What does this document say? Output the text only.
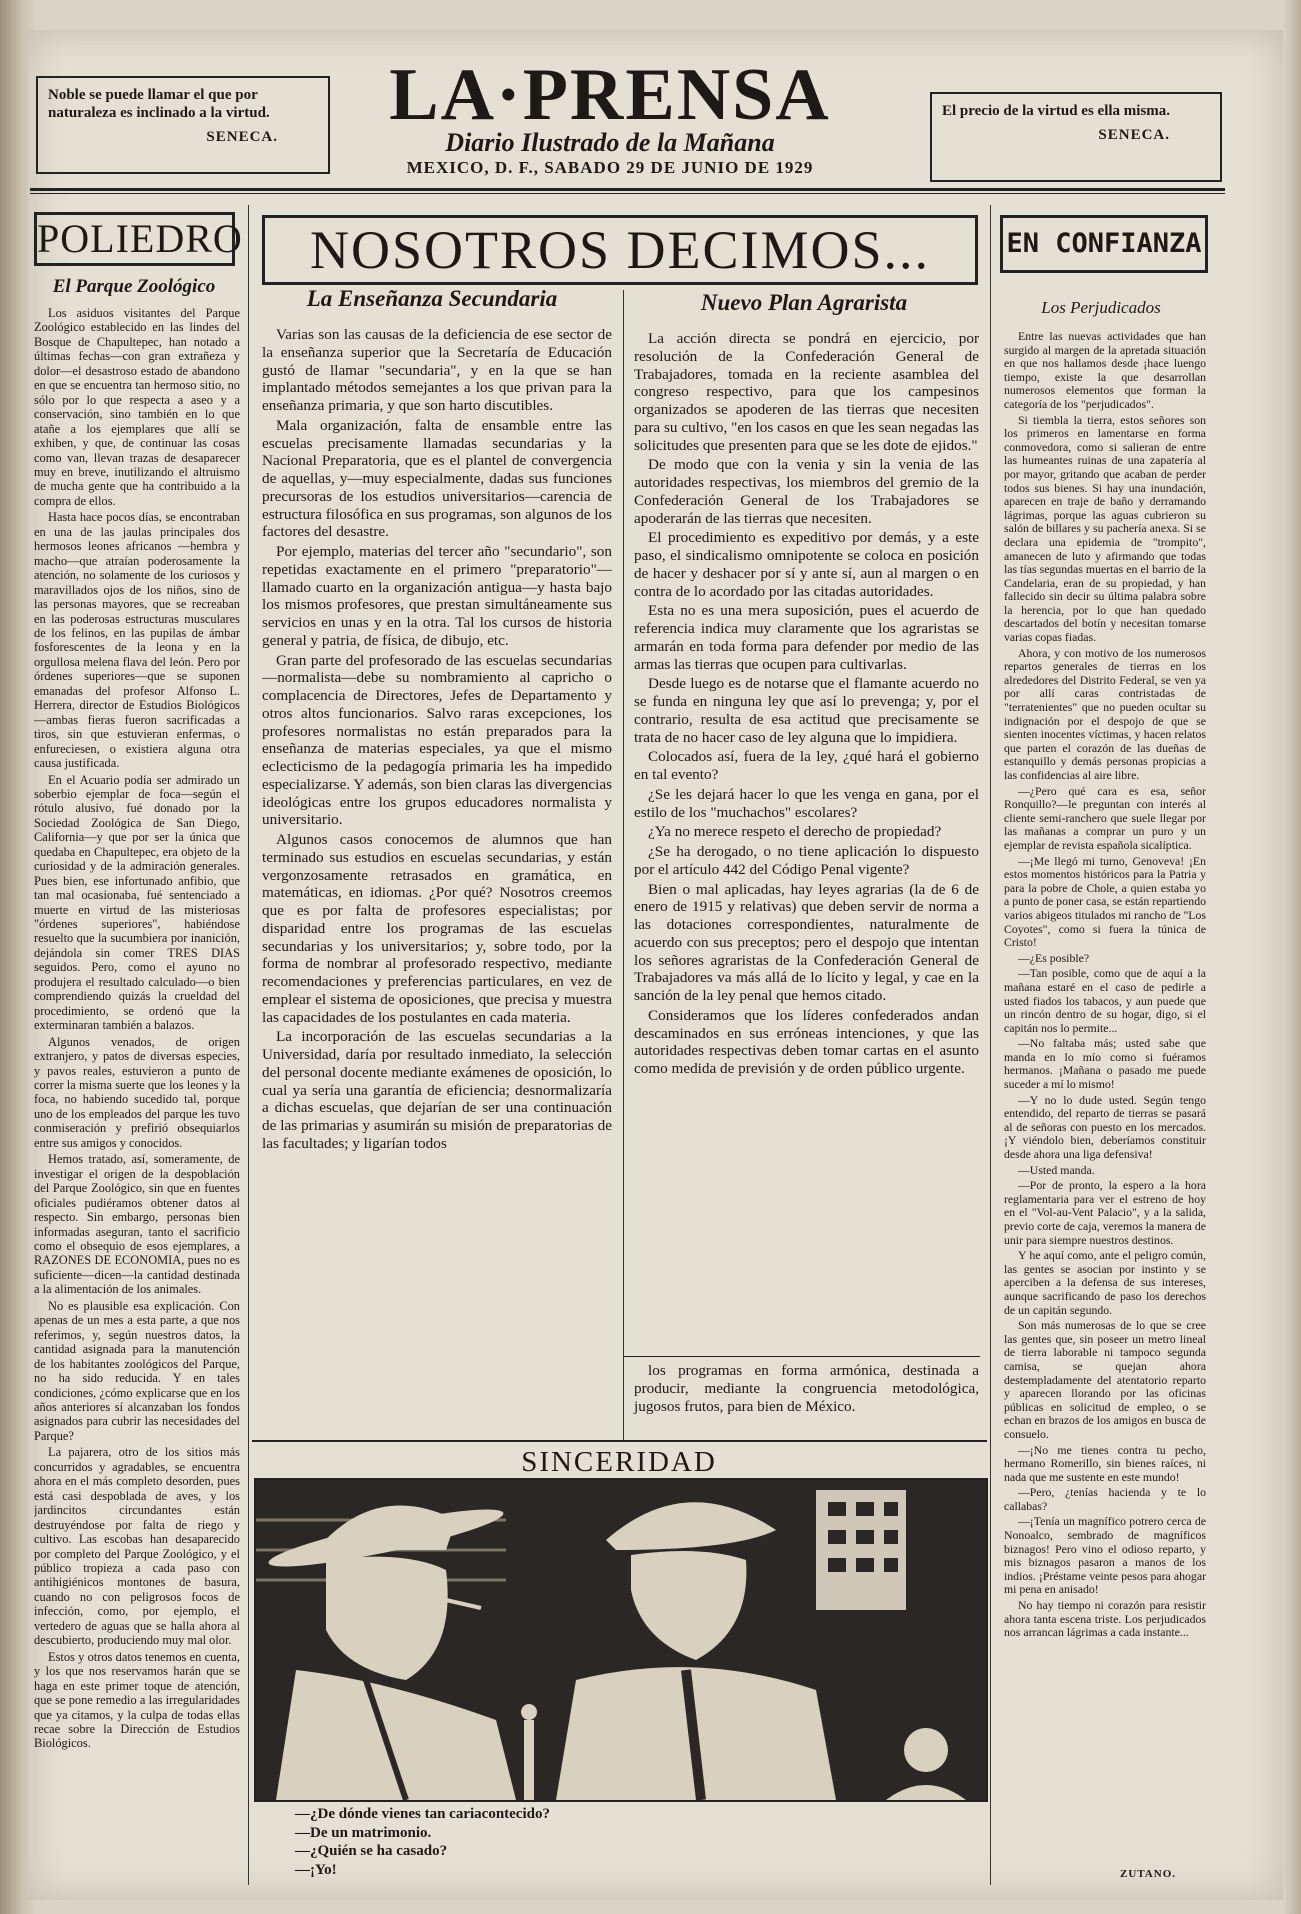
Noble se puede llamar el que por naturaleza es inclinado a la virtud.
SENECA.
El precio de la virtud es ella misma.
SENECA.
LA·PRENSA
Diario Ilustrado de la Mañana
MEXICO, D. F., SABADO 29 DE JUNIO DE 1929
POLIEDRO
El Parque Zoológico

Los asiduos visitantes del Parque Zoológico establecido en las lindes del Bosque de Chapultepec, han notado a últimas fechas—con gran extrañeza y dolor—el desastroso estado de abandono en que se encuentra tan hermoso sitio, no sólo por lo que respecta a aseo y a conservación, sino también en lo que atañe a los ejemplares que allí se exhiben, y que, de continuar las cosas como van, llevan trazas de desaparecer muy en breve, inutilizando el altruismo de mucha gente que ha contribuido a la compra de ellos.

Hasta hace pocos días, se encontraban en una de las jaulas principales dos hermosos leones africanos —hembra y macho—que atraían poderosamente la atención, no solamente de los curiosos y maravillados ojos de los niños, sino de las personas mayores, que se recreaban en las poderosas estructuras musculares de los felinos, en las pupilas de ámbar fosforescentes de la leona y en la orgullosa melena flava del león. Pero por órdenes superiores—que se suponen emanadas del profesor Alfonso L. Herrera, director de Estudios Biológicos—ambas fieras fueron sacrificadas a tiros, sin que estuvieran enfermas, o enfureciesen, o existiera alguna otra causa justificada.

En el Acuario podía ser admirado un soberbio ejemplar de foca—según el rótulo alusivo, fué donado por la Sociedad Zoológica de San Diego, California—y que por ser la única que quedaba en Chapultepec, era objeto de la curiosidad y de la admiración generales. Pues bien, ese infortunado anfibio, que tan mal ocasionaba, fué sentenciado a muerte en virtud de las misteriosas "órdenes superiores", habiéndose resuelto que la sucumbiera por inanición, dejándola sin comer TRES DIAS seguidos. Pero, como el ayuno no produjera el resultado calculado—o bien comprendiendo quizás la crueldad del procedimiento, se ordenó que la exterminaran también a balazos.

Algunos venados, de origen extranjero, y patos de diversas especies, y pavos reales, estuvieron a punto de correr la misma suerte que los leones y la foca, no habiendo sucedido tal, porque uno de los empleados del parque les tuvo conmiseración y prefirió obsequiarlos entre sus amigos y conocidos.

Hemos tratado, así, someramente, de investigar el origen de la despoblación del Parque Zoológico, sin que en fuentes oficiales pudiéramos obtener datos al respecto. Sin embargo, personas bien informadas aseguran, tanto el sacrificio como el obsequio de esos ejemplares, a RAZONES DE ECONOMIA, pues no es suficiente—dicen—la cantidad destinada a la alimentación de los animales.

No es plausible esa explicación. Con apenas de un mes a esta parte, a que nos referimos, y, según nuestros datos, la cantidad asignada para la manutención de los habitantes zoológicos del Parque, no ha sido reducida. Y en tales condiciones, ¿cómo explicarse que en los años anteriores sí alcanzaban los fondos asignados para cubrir las necesidades del Parque?

La pajarera, otro de los sitios más concurridos y agradables, se encuentra ahora en el más completo desorden, pues está casi despoblada de aves, y los jardincitos circundantes están destruyéndose por falta de riego y cultivo. Las escobas han desaparecido por completo del Parque Zoológico, y el público tropieza a cada paso con antihigiénicos montones de basura, cuando no con peligrosos focos de infección, como, por ejemplo, el vertedero de aguas que se halla ahora al descubierto, produciendo muy mal olor.

Estos y otros datos tenemos en cuenta, y los que nos reservamos harán que se haga en este primer toque de atención, que se pone remedio a las irregularidades que ya citamos, y la culpa de todas ellas recae sobre la Dirección de Estudios Biológicos.

NOSOTROS DECIMOS...
La Enseñanza Secundaria

Varias son las causas de la deficiencia de ese sector de la enseñanza superior que la Secretaría de Educación gustó de llamar "secundaria", y en la que se han implantado métodos semejantes a los que privan para la enseñanza primaria, y que son harto discutibles.

Mala organización, falta de ensamble entre las escuelas precisamente llamadas secundarias y la Nacional Preparatoria, que es el plantel de convergencia de aquellas, y—muy especialmente, dadas sus funciones precursoras de los estudios universitarios—carencia de estructura filosófica en sus programas, son algunos de los factores del desastre.

Por ejemplo, materias del tercer año "secundario", son repetidas exactamente en el primero "preparatorio"—llamado cuarto en la organización antigua—y hasta bajo los mismos profesores, que prestan simultáneamente sus servicios en unas y en la otra. Tal los cursos de historia general y patria, de física, de dibujo, etc.

Gran parte del profesorado de las escuelas secundarias—normalista—debe su nombramiento al capricho o complacencia de Directores, Jefes de Departamento y otros altos funcionarios. Salvo raras excepciones, los profesores normalistas no están preparados para la enseñanza de materias especiales, ya que el mismo eclecticismo de la pedagogía primaria les ha impedido especializarse. Y además, son bien claras las divergencias ideológicas entre los grupos educadores normalista y universitario.

Algunos casos conocemos de alumnos que han terminado sus estudios en escuelas secundarias, y están vergonzosamente retrasados en gramática, en matemáticas, en idiomas. ¿Por qué? Nosotros creemos que es por falta de profesores especialistas; por disparidad entre los programas de las escuelas secundarias y los universitarios; y, sobre todo, por la forma de nombrar al profesorado respectivo, mediante recomendaciones y preferencias particulares, en vez de emplear el sistema de oposiciones, que precisa y muestra las capacidades de los postulantes en cada materia.

La incorporación de las escuelas secundarias a la Universidad, daría por resultado inmediato, la selección del personal docente mediante exámenes de oposición, lo cual ya sería una garantía de eficiencia; desnormalizaría a dichas escuelas, que dejarían de ser una continuación de las primarias y asumirán su misión de preparatorias de las facultades; y ligarían todos

Nuevo Plan Agrarista

La acción directa se pondrá en ejercicio, por resolución de la Confederación General de Trabajadores, tomada en la reciente asamblea del congreso respectivo, para que los campesinos organizados se apoderen de las tierras que necesiten para su cultivo, "en los casos en que les sean negadas las solicitudes que presenten para que se les dote de ejidos."

De modo que con la venia y sin la venia de las autoridades respectivas, los miembros del gremio de la Confederación General de los Trabajadores se apoderarán de las tierras que necesiten.

El procedimiento es expeditivo por demás, y a este paso, el sindicalismo omnipotente se coloca en posición de hacer y deshacer por sí y ante sí, aun al margen o en contra de lo acordado por las citadas autoridades.

Esta no es una mera suposición, pues el acuerdo de referencia indica muy claramente que los agraristas se armarán en toda forma para defender por medio de las armas las tierras que ocupen para cultivarlas.

Desde luego es de notarse que el flamante acuerdo no se funda en ninguna ley que así lo prevenga; y, por el contrario, resulta de esa actitud que precisamente se trata de no hacer caso de ley alguna que lo impidiera.

Colocados así, fuera de la ley, ¿qué hará el gobierno en tal evento?

¿Se les dejará hacer lo que les venga en gana, por el estilo de los "muchachos" escolares?

¿Ya no merece respeto el derecho de propiedad?

¿Se ha derogado, o no tiene aplicación lo dispuesto por el artículo 442 del Código Penal vigente?

Bien o mal aplicadas, hay leyes agrarias (la de 6 de enero de 1915 y relativas) que deben servir de norma a las dotaciones correspondientes, naturalmente de acuerdo con sus preceptos; pero el despojo que intentan los señores agraristas de la Confederación General de Trabajadores va más allá de lo lícito y legal, y cae en la sanción de la ley penal que hemos citado.

Consideramos que los líderes confederados andan descaminados en sus erróneas intenciones, y que las autoridades respectivas deben tomar cartas en el asunto como medida de previsión y de orden público urgente.

los programas en forma armónica, destinada a producir, mediante la congruencia metodológica, jugosos frutos, para bien de México.

SINCERIDAD
—¿De dónde vienes tan cariacontecido?
—De un matrimonio.
—¿Quién se ha casado?
—¡Yo!
EN CONFIANZA
Los Perjudicados

Entre las nuevas actividades que han surgido al margen de la apretada situación en que nos hallamos desde ¡hace luengo tiempo, existe la que desarrollan numerosos elementos que forman la categoría de los "perjudicados".

Si tiembla la tierra, estos señores son los primeros en lamentarse en forma conmovedora, como si salieran de entre las humeantes ruinas de una zapatería al por mayor, gritando que acaban de perder todos sus bienes. Si hay una inundación, aparecen en traje de baño y derramando lágrimas, porque las aguas cubrieron su salón de billares y su pachería anexa. Si se declara una epidemia de "trompito", amanecen de luto y afirmando que todas las tías segundas muertas en el barrio de la Candelaria, eran de su propiedad, y han fallecido sin decir su última palabra sobre la herencia, por lo que han quedado descartados del botín y necesitan tomarse varias copas fiadas.

Ahora, y con motivo de los numerosos repartos generales de tierras en los alrededores del Distrito Federal, se ven ya por allí caras contristadas de "terratenientes" que no pueden ocultar su indignación por el despojo de que se sienten inocentes víctimas, y hacen relatos que parten el corazón de las dueñas de estanquillo y demás personas propicias a las confidencias al aire libre.

—¿Pero qué cara es esa, señor Ronquillo?—le preguntan con interés al cliente semi-ranchero que suele llegar por las mañanas a comprar un puro y un ejemplar de revista española sicalíptica.

—¡Me llegó mi turno, Genoveva! ¡En estos momentos históricos para la Patria y para la pobre de Chole, a quien estaba yo a punto de poner casa, se están repartiendo varios abigeos titulados mi rancho de "Los Coyotes", como si fuera la túnica de Cristo!

—¿Es posible?

—Tan posible, como que de aquí a la mañana estaré en el caso de pedirle a usted fiados los tabacos, y aun puede que un rincón dentro de su hogar, digo, si el capitán nos lo permite...

—No faltaba más; usted sabe que manda en lo mío como si fuéramos hermanos. ¡Mañana o pasado me puede suceder a mí lo mismo!

—Y no lo dude usted. Según tengo entendido, del reparto de tierras se pasará al de señoras con puesto en los mercados. ¡Y viéndolo bien, deberíamos constituir desde ahora una liga defensiva!

—Usted manda.

—Por de pronto, la espero a la hora reglamentaria para ver el estreno de hoy en el "Vol-au-Vent Palacio", y a la salida, previo corte de caja, veremos la manera de unir para siempre nuestros destinos.

Y he aquí como, ante el peligro común, las gentes se asocian por instinto y se aperciben a la defensa de sus intereses, aunque sacrificando de paso los derechos de un capitán segundo.

Son más numerosas de lo que se cree las gentes que, sin poseer un metro lineal de tierra laborable ni tampoco segunda camisa, se quejan ahora destempladamente del atentatorio reparto y aparecen llorando por las oficinas públicas en solicitud de empleo, o se echan en brazos de los amigos en busca de consuelo.

—¡No me tienes contra tu pecho, hermano Romerillo, sin bienes raíces, ni nada que me sustente en este mundo!

—Pero, ¿tenías hacienda y te lo callabas?

—¡Tenía un magnífico potrero cerca de Nonoalco, sembrado de magníficos biznagos! Pero vino el odioso reparto, y mis biznagos pasaron a manos de los indios. ¡Préstame veinte pesos para ahogar mi pena en anisado!

No hay tiempo ni corazón para resistir ahora tanta escena triste. Los perjudicados nos arrancan lágrimas a cada instante...

ZUTANO.
